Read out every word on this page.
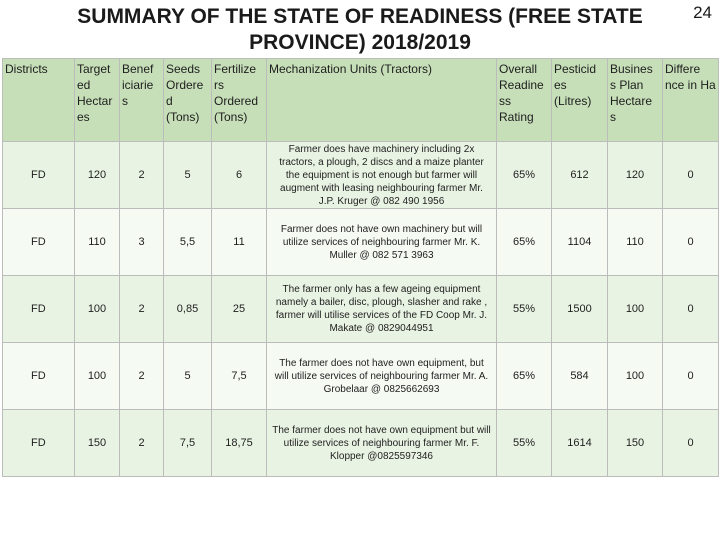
SUMMARY OF THE STATE OF READINESS (FREE STATE
PROVINCE) 2018/2019
24
Districts	Target ed Hectar es	Benef iciarie s	Seeds Ordere d (Tons)	Fertilize rs Ordered (Tons)	Mechanization Units (Tractors)	Overall Readine ss Rating	Pesticid es (Litres)	Busines s Plan Hectare s	Differe nce in Ha
FD	120	2	5	6	Farmer does have machinery including 2x tractors, a plough, 2 discs and a maize planter the equipment is not enough but farmer will augment with leasing neighbouring farmer Mr. J.P. Kruger @ 082 490 1956	65%	612	120	0
FD	110	3	5,5	11	Farmer does not have own machinery but will utilize services of neighbouring farmer Mr. K. Muller @ 082 571 3963	65%	1104	110	0
FD	100	2	0,85	25	The farmer only has a few ageing equipment namely a bailer, disc, plough, slasher and rake , farmer will utilise services of the FD Coop Mr. J. Makate @ 0829044951	55%	1500	100	0
FD	100	2	5	7,5	The farmer does not have own equipment, but will utilize services of neighbouring farmer Mr. A. Grobelaar @ 0825662693	65%	584	100	0
FD	150	2	7,5	18,75	The farmer does not have own equipment but will utilize services of neighbouring farmer Mr. F. Klopper @0825597346	55%	1614	150	0
